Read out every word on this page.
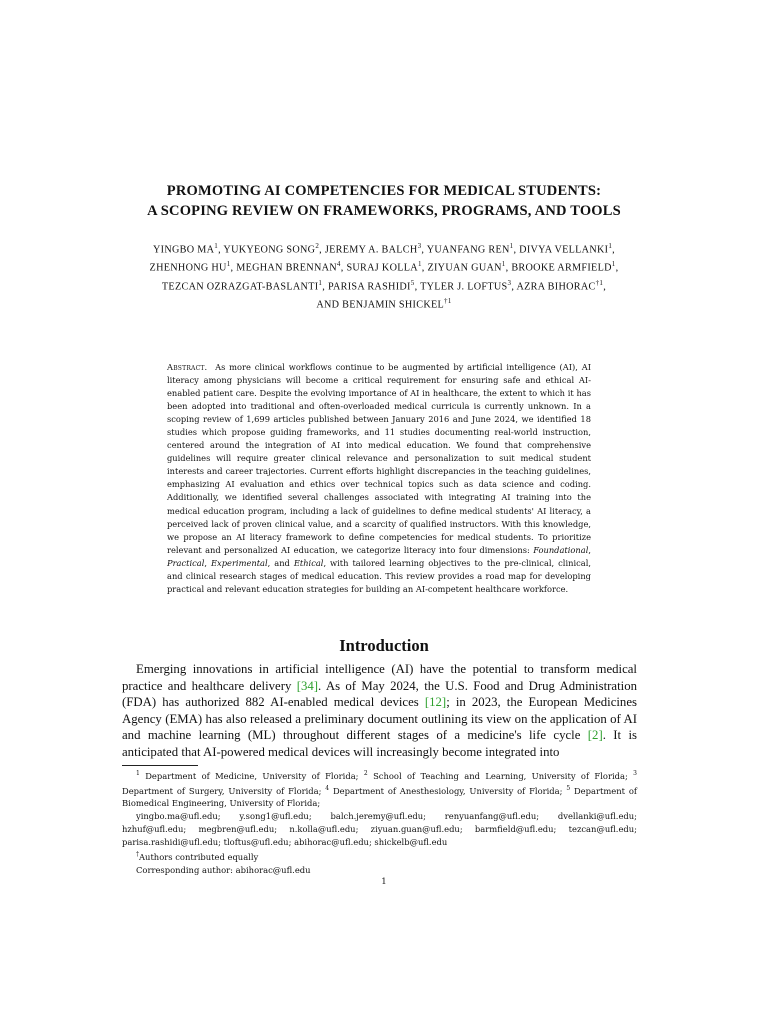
PROMOTING AI COMPETENCIES FOR MEDICAL STUDENTS:
A SCOPING REVIEW ON FRAMEWORKS, PROGRAMS, AND TOOLS
YINGBO $MA^1$, YUKYEONG SONG$^2$, JEREMY A. BALCH$^3$, YUANFANG REN$^1$, DIVYA VELLANKI$^1$,
ZHENHONG $HU^1$, MEGHAN BRENNAN$^4$, SURAJ KOLLA$^1$, ZIYUAN GUAN$^1$, BROOKE ARMFIELD$^1$,
TEZCAN OZRAZGAT-BASLANTI$^1$, PARISA RASHIDI$^5$, TYLER J. LOFTUS$^3$, AZRA BIHORAC$^{\dagger 1}$,
AND BENJAMIN SHICKEL$^{\dagger 1}$
Abstract. As more clinical workflows continue to be augmented by artificial intelligence (AI), AI literacy among physicians will become a critical requirement for ensuring safe and ethical AI-enabled patient care. Despite the evolving importance of AI in healthcare, the extent to which it has been adopted into traditional and often-overloaded medical curricula is currently unknown. In a scoping review of 1,699 articles published between January 2016 and June 2024, we identified 18 studies which propose guiding frameworks, and 11 studies documenting real-world instruction, centered around the integration of AI into medical education. We found that comprehensive guidelines will require greater clinical relevance and personalization to suit medical student interests and career trajectories. Current efforts highlight discrepancies in the teaching guidelines, emphasizing AI evaluation and ethics over technical topics such as data science and coding. Additionally, we identified several challenges associated with integrating AI training into the medical education program, including a lack of guidelines to define medical students' AI literacy, a perceived lack of proven clinical value, and a scarcity of qualified instructors. With this knowledge, we propose an AI literacy framework to define competencies for medical students. To prioritize relevant and personalized AI education, we categorize literacy into four dimensions: Foundational, Practical, Experimental, and Ethical, with tailored learning objectives to the pre-clinical, clinical, and clinical research stages of medical education. This review provides a road map for developing practical and relevant education strategies for building an AI-competent healthcare workforce.
Introduction
Emerging innovations in artificial intelligence (AI) have the potential to transform medical practice and healthcare delivery [34]. As of May 2024, the U.S. Food and Drug Administration (FDA) has authorized 882 AI-enabled medical devices [12]; in 2023, the European Medicines Agency (EMA) has also released a preliminary document outlining its view on the application of AI and machine learning (ML) throughout different stages of a medicine's life cycle [2]. It is anticipated that AI-powered medical devices will increasingly become integrated into
$^1$ Department of Medicine, University of Florida; $^2$ School of Teaching and Learning, University of Florida; $^3$ Department of Surgery, University of Florida; $^4$ Department of Anesthesiology, University of Florida; $^5$ Department of Biomedical Engineering, University of Florida;
yingbo.ma@ufl.edu; y.song1@ufl.edu; balch.jeremy@ufl.edu; renyuanfang@ufl.edu; dvellanki@ufl.edu;
hzhuf@ufl.edu; megbren@ufl.edu; n.kolla@ufl.edu; ziyuan.guan@ufl.edu; barmfield@ufl.edu; tezcan@ufl.edu;
parisa.rashidi@ufl.edu; tloftus@ufl.edu; abihorac@ufl.edu; shickelb@ufl.edu
†Authors contributed equally
Corresponding author: abihorac@ufl.edu
1
